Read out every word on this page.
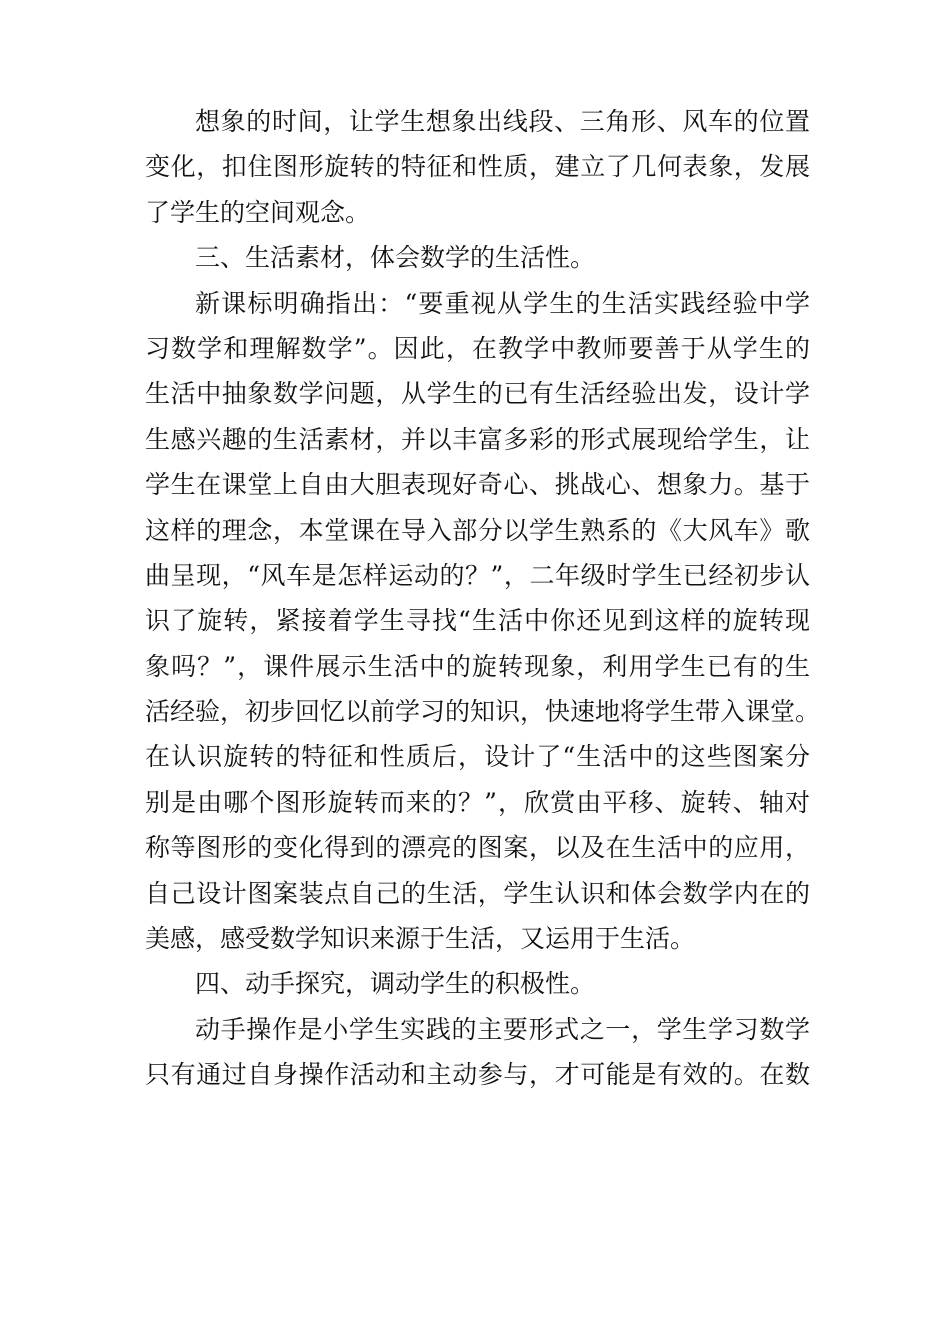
想象的时间，让学生想象出线段、三角形、风车的位置
变化，扣住图形旋转的特征和性质，建立了几何表象，发展
了学生的空间观念。
三、生活素材，体会数学的生活性。
新课标明确指出：“要重视从学生的生活实践经验中学
习数学和理解数学”。因此，在教学中教师要善于从学生的
生活中抽象数学问题，从学生的已有生活经验出发，设计学
生感兴趣的生活素材，并以丰富多彩的形式展现给学生，让
学生在课堂上自由大胆表现好奇心、挑战心、想象力。基于
这样的理念，本堂课在导入部分以学生熟系的《大风车》歌
曲呈现，“风车是怎样运动的？”，二年级时学生已经初步认
识了旋转，紧接着学生寻找“生活中你还见到这样的旋转现
象吗？”，课件展示生活中的旋转现象，利用学生已有的生
活经验，初步回忆以前学习的知识，快速地将学生带入课堂。
在认识旋转的特征和性质后，设计了“生活中的这些图案分
别是由哪个图形旋转而来的？”，欣赏由平移、旋转、轴对
称等图形的变化得到的漂亮的图案，以及在生活中的应用，
自己设计图案装点自己的生活，学生认识和体会数学内在的
美感，感受数学知识来源于生活，又运用于生活。
四、动手探究，调动学生的积极性。
动手操作是小学生实践的主要形式之一，学生学习数学
只有通过自身操作活动和主动参与，才可能是有效的。在数
